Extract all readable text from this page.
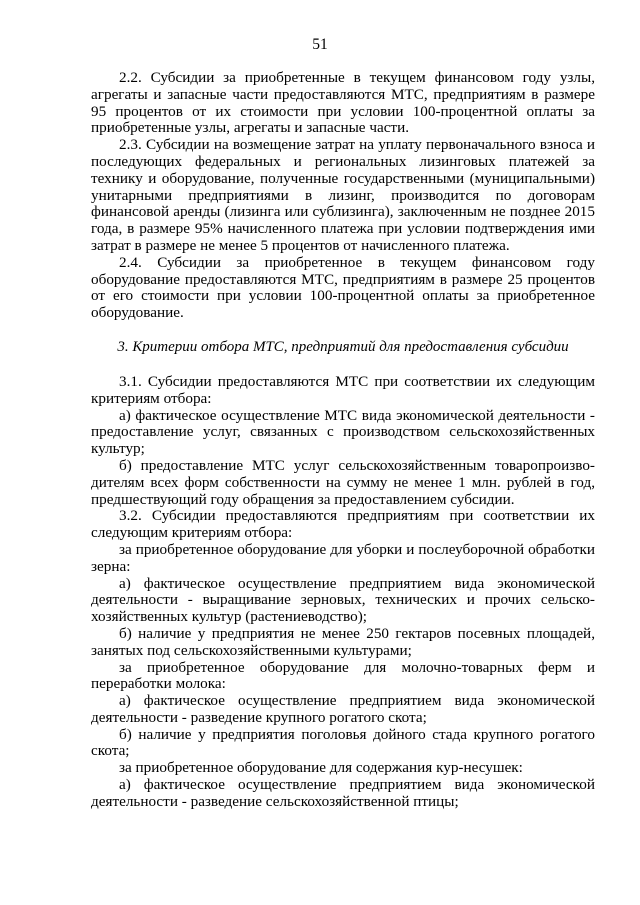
51

2.2. Субсидии за приобретенные в текущем финансовом году узлы, агрегаты и запасные части предоставляются МТС, предприятиям в размере 95 процентов от их стоимости при условии 100-процентной оплаты за приобретенные узлы, агрегаты и запасные части.

2.3. Субсидии на возмещение затрат на уплату первоначального взноса и последующих федеральных и региональных лизинговых платежей за технику и оборудование, полученные государственными (муниципальными) унитарными предприятиями в лизинг, производится по договорам финансовой аренды (лизинга или сублизинга), заключенным не позднее 2015 года, в размере 95% начисленного платежа при условии подтверждения ими затрат в размере не менее 5 процентов от начисленного платежа.

2.4. Субсидии за приобретенное в текущем финансовом году оборудование предоставляются МТС, предприятиям в размере 25 процентов от его стоимости при условии 100-процентной оплаты за приобретенное оборудование.

3. Критерии отбора МТС, предприятий для предоставления субсидии

3.1. Субсидии предоставляются МТС при соответствии их следующим критериям отбора:

а) фактическое осуществление МТС вида экономической деятельности - предоставление услуг, связанных с производством сельскохозяйственных культур;

б) предоставление МТС услуг сельскохозяйственным товаропроизво-дителям всех форм собственности на сумму не менее 1 млн. рублей в год, предшествующий году обращения за предоставлением субсидии.

3.2. Субсидии предоставляются предприятиям при соответствии их следующим критериям отбора:

за приобретенное оборудование для уборки и послеуборочной обработки зерна:

а) фактическое осуществление предприятием вида экономической деятельности - выращивание зерновых, технических и прочих сельско-хозяйственных культур (растениеводство);

б) наличие у предприятия не менее 250 гектаров посевных площадей, занятых под сельскохозяйственными культурами;

за приобретенное оборудование для молочно-товарных ферм и переработки молока:

а) фактическое осуществление предприятием вида экономической деятельности - разведение крупного рогатого скота;

б) наличие у предприятия поголовья дойного стада крупного рогатого скота;

за приобретенное оборудование для содержания кур-несушек:

а) фактическое осуществление предприятием вида экономической деятельности - разведение сельскохозяйственной птицы;
